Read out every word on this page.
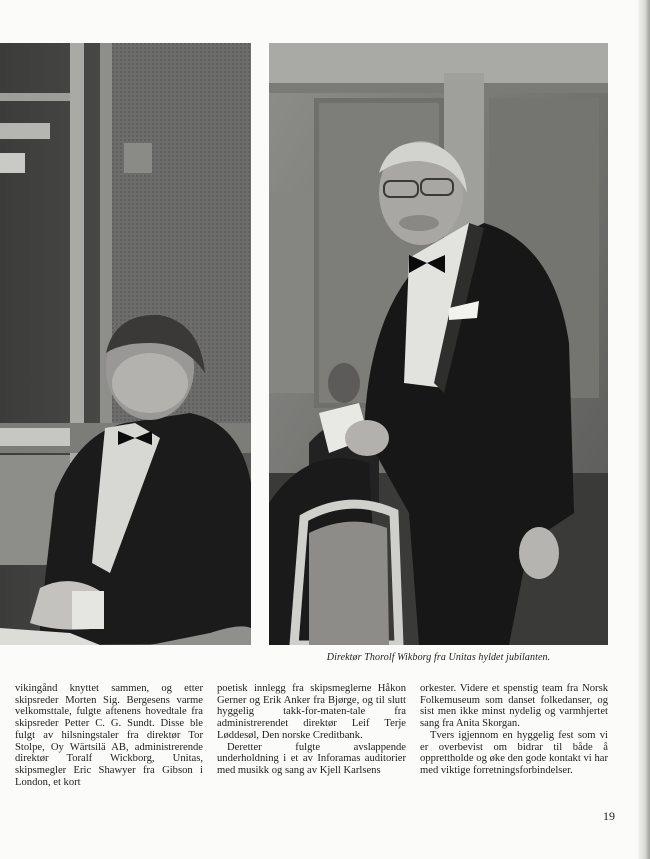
Direktør Thorolf Wikborg fra Unitas hyldet jubilanten.

vikingånd knyttet sammen, og etter skipsreder Morten Sig. Bergesens varme velkomsttale, fulgte aftenens hovedtale fra skipsreder Petter C. G. Sundt. Disse ble fulgt av hilsningstaler fra direktør Tor Stolpe, Oy Wärtsilä AB, administrerende direktør Toralf Wickborg, Unitas, skipsmegler Eric Shawyer fra Gibson i London, et kort

poetisk innlegg fra skipsmeglerne Håkon Gerner og Erik Anker fra Bjørge, og til slutt hyggelig takk-for-maten-tale fra administrerendet direktør Leif Terje Løddesøl, Den norske Creditbank.

Deretter fulgte avslappende underholdning i et av Inforamas auditorier med musikk og sang av Kjell Karlsens

orkester. Videre et spenstig team fra Norsk Folkemuseum som danset folkedanser, og sist men ikke minst nydelig og varmhjertet sang fra Anita Skorgan.

Tvers igjennom en hyggelig fest som vi er overbevist om bidrar til både å opprettholde og øke den gode kontakt vi har med viktige forretningsforbindelser.

19
